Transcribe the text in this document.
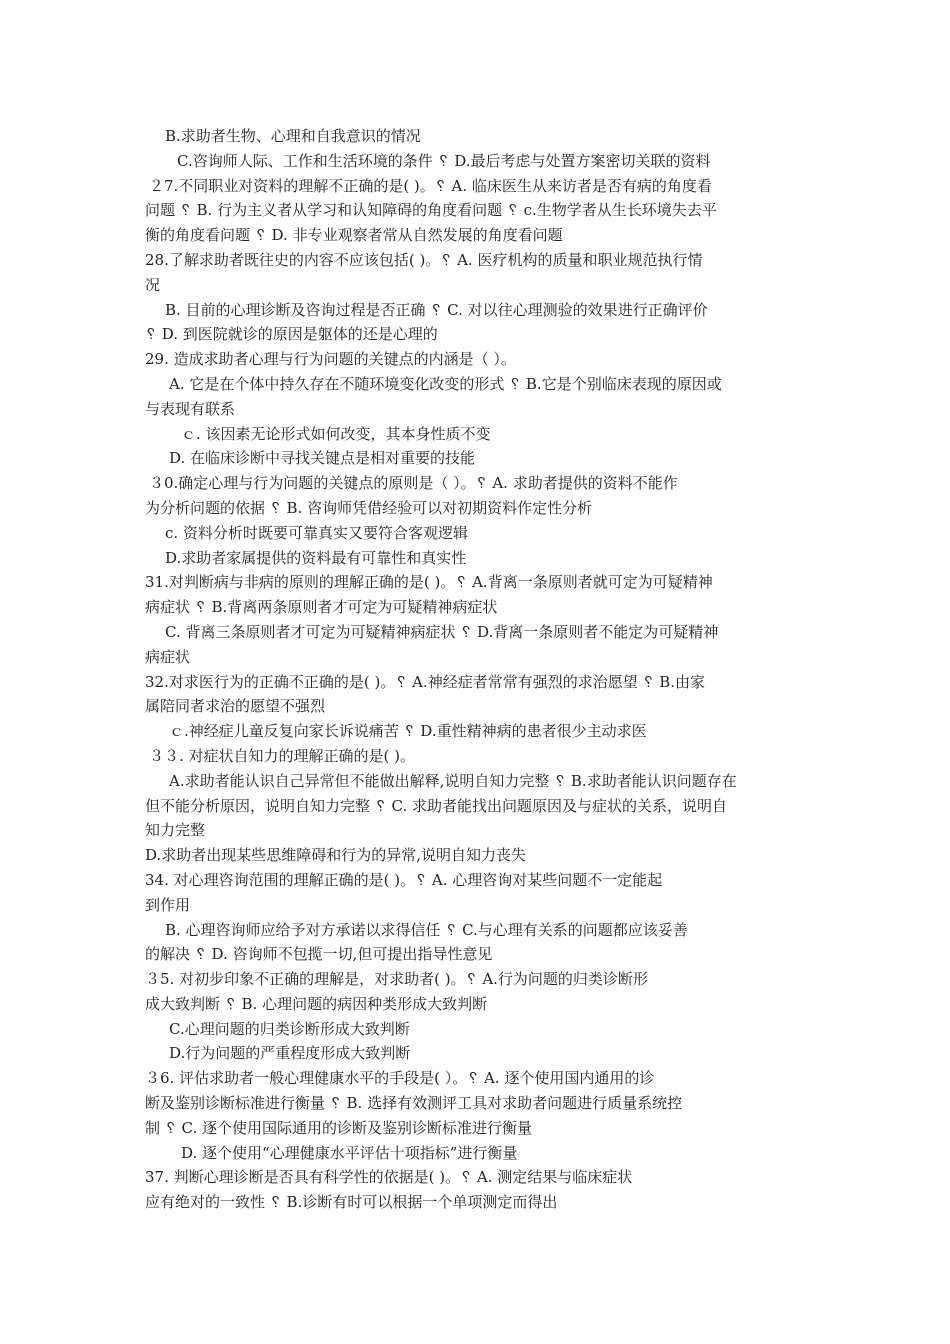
B.求助者生物、心理和自我意识的情况
C.咨询师人际、工作和生活环境的条件 ␦ D.最后考虑与处置方案密切关联的资料
２7.不同职业对资料的理解不正确的是( )。␦ A. 临床医生从来访者是否有病的角度看
问题 ␦ B. 行为主义者从学习和认知障碍的角度看问题 ␦ c.生物学者从生长环境失去平
衡的角度看问题 ␦ D. 非专业观察者常从自然发展的角度看问题
28.了解求助者既往史的内容不应该包括( )。␦ A. 医疗机构的质量和职业规范执行情
况
B. 目前的心理诊断及咨询过程是否正确 ␦ C. 对以往心理测验的效果进行正确评价
␦ D. 到医院就诊的原因是躯体的还是心理的
29. 造成求助者心理与行为问题的关键点的内涵是（ ）。
A. 它是在个体中持久存在不随环境变化改变的形式 ␦ B.它是个别临床表现的原因或
与表现有联系
ｃ. 该因素无论形式如何改变，其本身性质不变
D. 在临床诊断中寻找关键点是相对重要的技能
３0.确定心理与行为问题的关键点的原则是（ ）。␦ A. 求助者提供的资料不能作
为分析问题的依据 ␦ B. 咨询师凭借经验可以对初期资料作定性分析
c. 资料分析时既要可靠真实又要符合客观逻辑
D.求助者家属提供的资料最有可靠性和真实性
31.对判断病与非病的原则的理解正确的是( )。␦ A.背离一条原则者就可定为可疑精神
病症状 ␦ B.背离两条原则者才可定为可疑精神病症状
C. 背离三条原则者才可定为可疑精神病症状 ␦ D.背离一条原则者不能定为可疑精神
病症状
32.对求医行为的正确不正确的是( )。␦ A.神经症者常常有强烈的求治愿望 ␦ B.由家
属陪同者求治的愿望不强烈
ｃ.神经症儿童反复向家长诉说痛苦 ␦ D.重性精神病的患者很少主动求医
３３. 对症状自知力的理解正确的是( )。
A.求助者能认识自己异常但不能做出解释,说明自知力完整 ␦ B.求助者能认识问题存在
但不能分析原因，说明自知力完整 ␦ C. 求助者能找出问题原因及与症状的关系，说明自
知力完整
D.求助者出现某些思维障碍和行为的异常,说明自知力丧失
34. 对心理咨询范围的理解正确的是( )。␦ A. 心理咨询对某些问题不一定能起
到作用
B. 心理咨询师应给予对方承诺以求得信任 ␦ C.与心理有关系的问题都应该妥善
的解决 ␦ D. 咨询师不包揽一切,但可提出指导性意见
３5. 对初步印象不正确的理解是，对求助者( )。␦ A.行为问题的归类诊断形
成大致判断 ␦ B. 心理问题的病因种类形成大致判断
C.心理问题的归类诊断形成大致判断
D.行为问题的严重程度形成大致判断
３6. 评估求助者一般心理健康水平的手段是( ）。␦ A. 逐个使用国内通用的诊
断及鉴别诊断标准进行衡量 ␦ B. 选择有效测评工具对求助者问题进行质量系统控
制 ␦ C. 逐个使用国际通用的诊断及鉴别诊断标准进行衡量
D. 逐个使用“心理健康水平评估十项指标”进行衡量
37. 判断心理诊断是否具有科学性的依据是( )。␦ A. 测定结果与临床症状
应有绝对的一致性 ␦ B.诊断有时可以根据一个单项测定而得出
